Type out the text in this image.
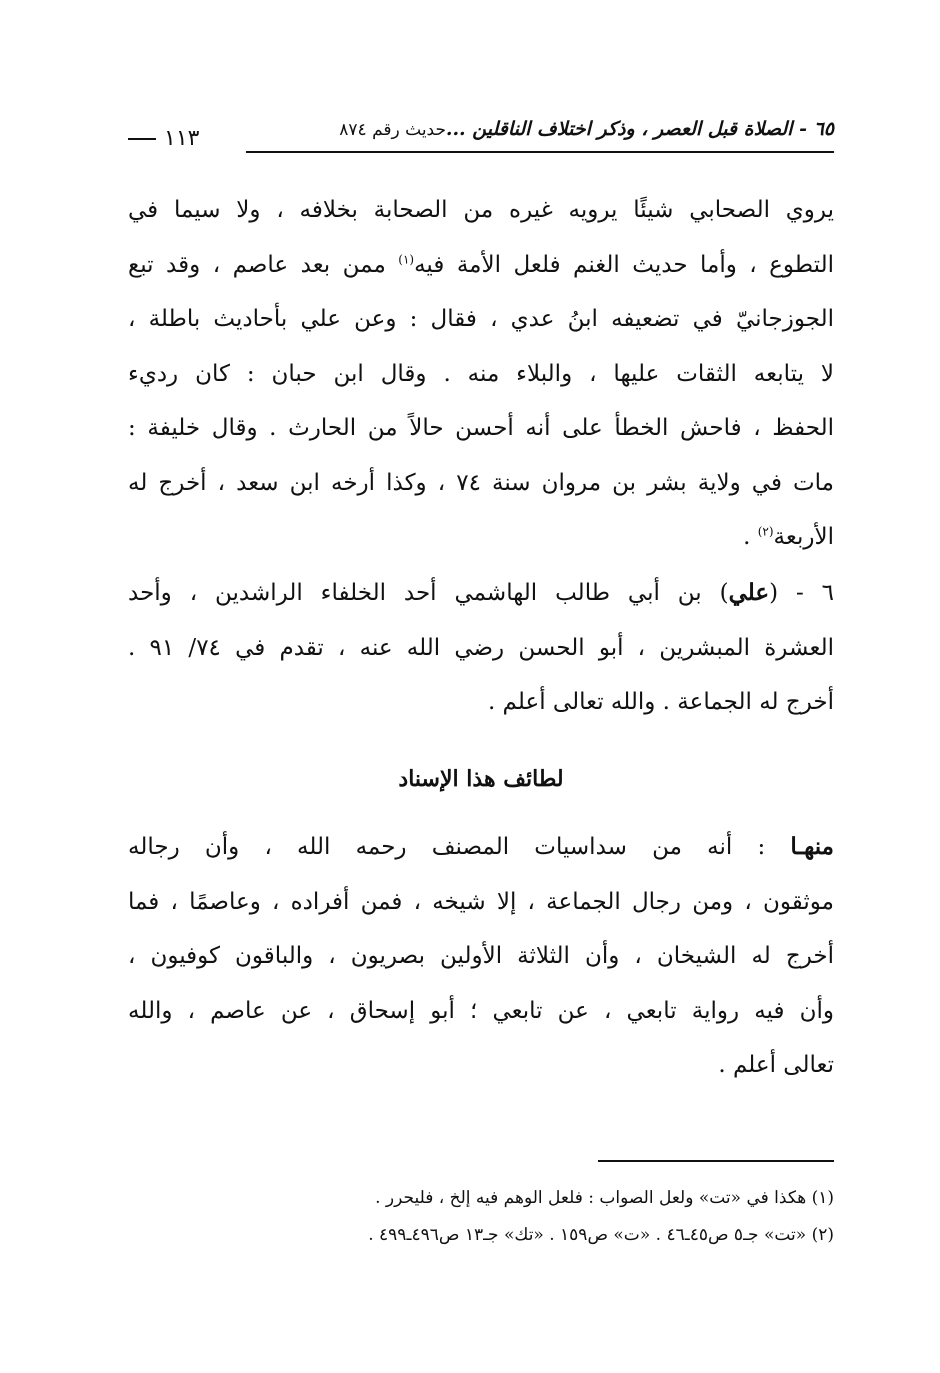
٦٥ - الصلاة قبل العصر ، وذكر اختلاف الناقلين ...
حديث رقم ٨٧٤
١١٣
يروي الصحابي شيئًا يرويه غيره من الصحابة بخلافه ، ولا سيما في
التطوع ، وأما حديث الغنم فلعل الأمة فيه$^{(١)}$ ممن بعد عاصم ، وقد تبع
الجوزجانيّ في تضعيفه ابنُ عدي ، فقال : وعن علي بأحاديث باطلة ،
لا يتابعه الثقات عليها ، والبلاء منه . وقال ابن حبان : كان رديء
الحفظ ، فاحش الخطأ على أنه أحسن حالاً من الحارث . وقال خليفة :
مات في ولاية بشر بن مروان سنة ٧٤ ، وكذا أرخه ابن سعد ، أخرج له
الأربعة$^{(٢)}$ .
٦ - (علي) بن أبي طالب الهاشمي أحد الخلفاء الراشدين ، وأحد
العشرة المبشرين ، أبو الحسن رضي الله عنه ، تقدم في ٧٤/ ٩١ .
أخرج له الجماعة . والله تعالى أعلم .
لطائف هذا الإسناد
منهـا : أنه من سداسيات المصنف رحمه الله ، وأن رجاله
موثقون ، ومن رجال الجماعة ، إلا شيخه ، فمن أفراده ، وعاصمًا ، فما
أخرج له الشيخان ، وأن الثلاثة الأولين بصريون ، والباقون كوفيون ،
وأن فيه رواية تابعي ، عن تابعي ؛ أبو إسحاق ، عن عاصم ، والله
تعالى أعلم .
(١) هكذا في «تت» ولعل الصواب : فلعل الوهم فيه إلخ ، فليحرر .
(٢) «تت» جـ٥ ص٤٥ـ٤٦ . «ت» ص١٥٩ . «تك» جـ١٣ ص٤٩٦ـ٤٩٩ .
